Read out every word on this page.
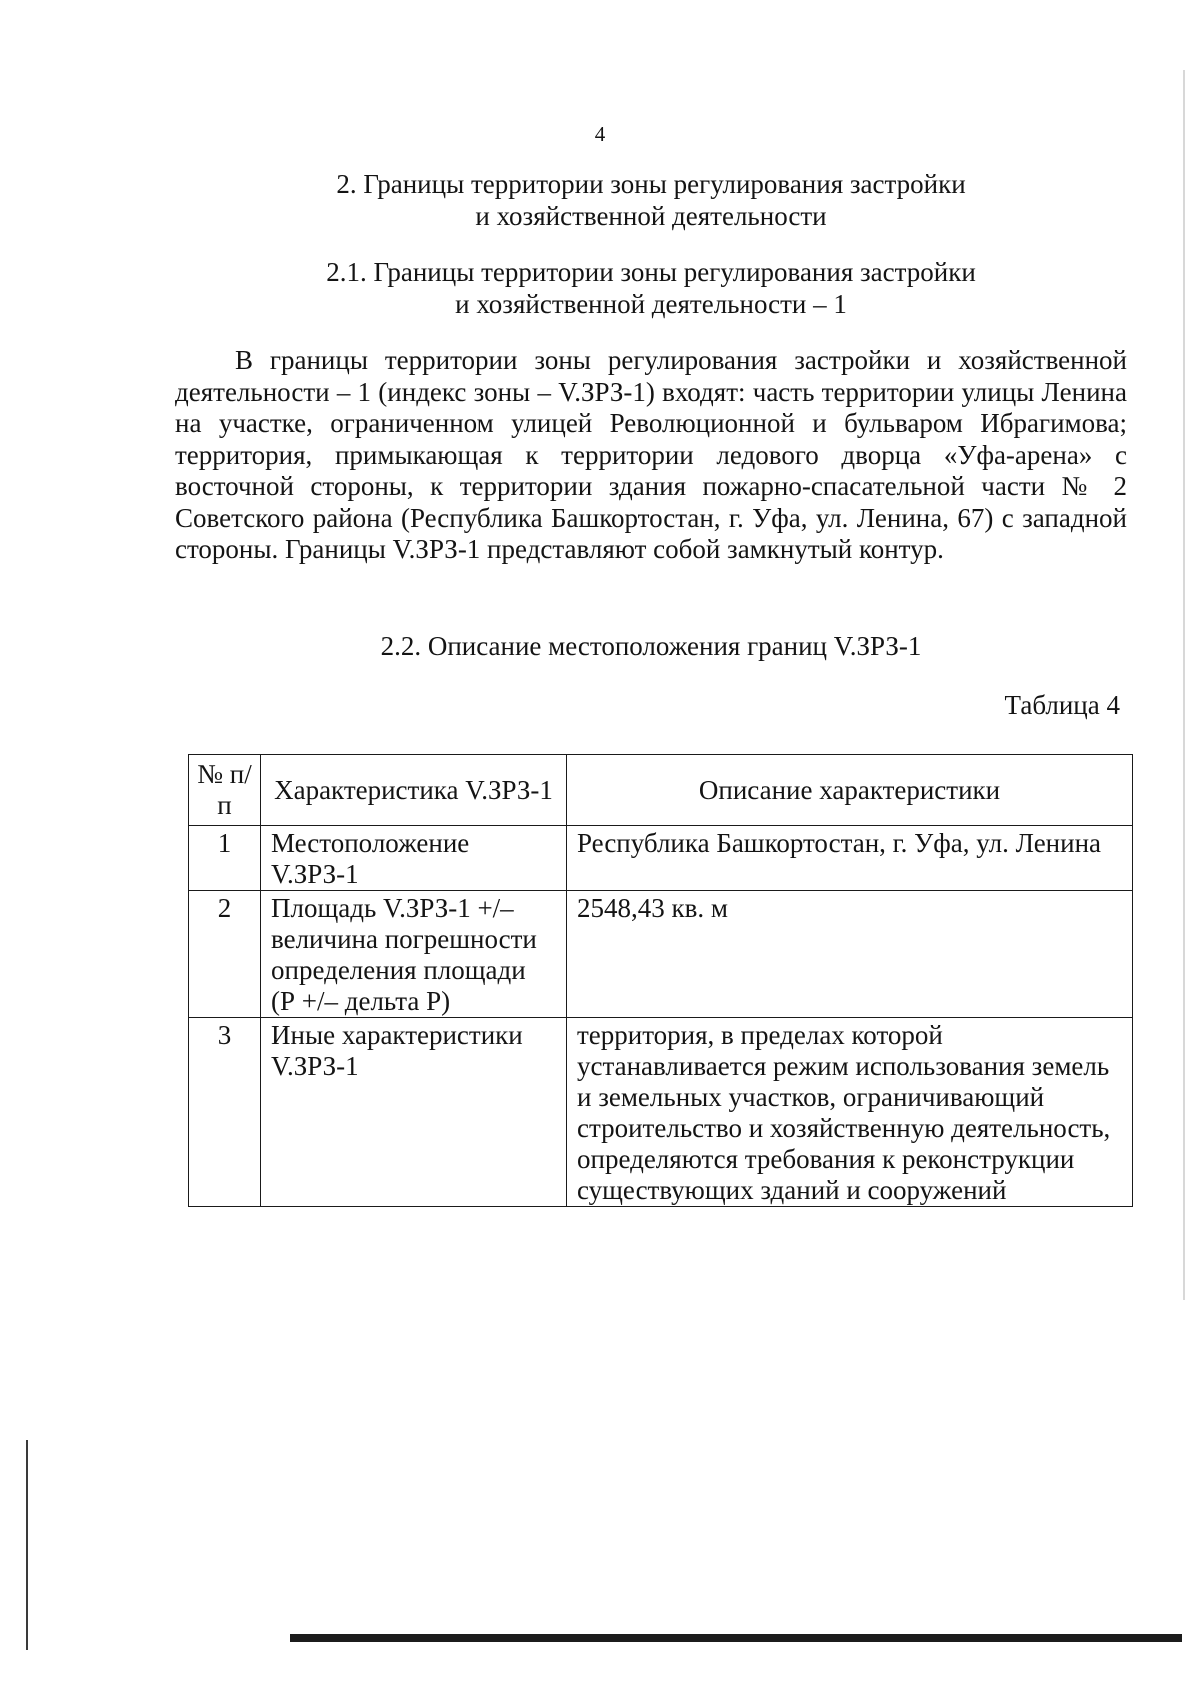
4
2. Границы территории зоны регулирования застройки
и хозяйственной деятельности
2.1. Границы территории зоны регулирования застройки
и хозяйственной деятельности – 1

В границы территории зоны регулирования застройки и хозяйственной деятельности – 1 (индекс зоны – V.ЗРЗ-1) входят: часть территории улицы Ленина на участке, ограниченном улицей Революционной и бульваром Ибрагимова; территория, примыкающая к территории ледового дворца «Уфа-арена» с восточной стороны, к территории здания пожарно-спасательной части № 2 Советского района (Республика Башкортостан, г. Уфа, ул. Ленина, 67) с западной стороны. Границы V.ЗРЗ-1 представляют собой замкнутый контур.

2.2. Описание местоположения границ V.ЗРЗ-1
Таблица 4
№ п/п	Характеристика V.ЗРЗ-1	Описание характеристики
1	Местоположение V.ЗРЗ-1	Республика Башкортостан, г. Уфа, ул. Ленина
2	Площадь V.ЗРЗ-1 +/– величина погрешности определения площади (Р +/– дельта Р)	2548,43 кв. м
3	Иные характеристики V.ЗРЗ-1	территория, в пределах которой устанавливается режим использования земель и земельных участков, ограничивающий строительство и хозяйственную деятельность, определяются требования к реконструкции существующих зданий и сооружений
